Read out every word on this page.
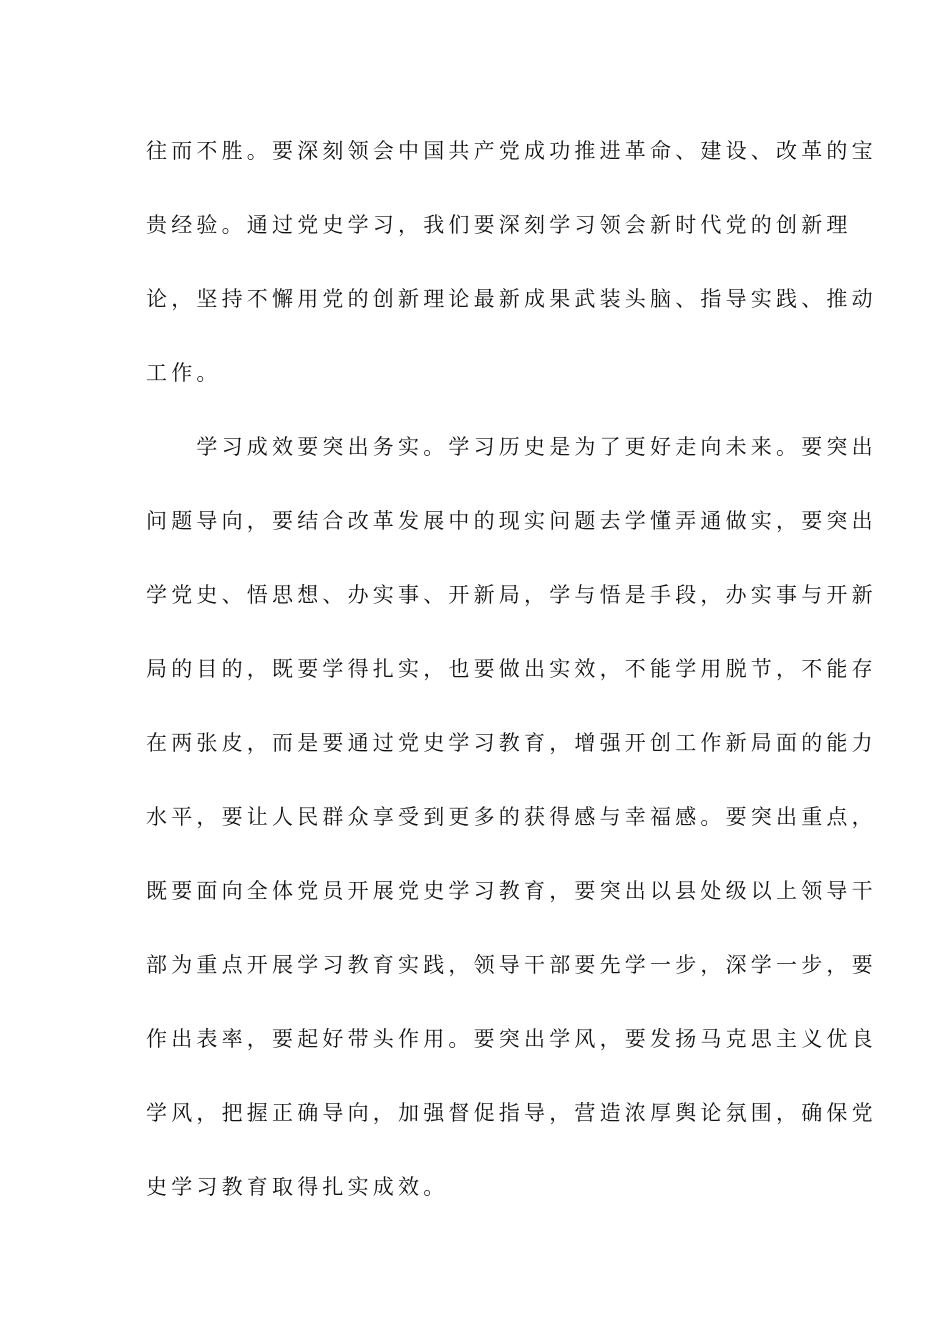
往而不胜。要深刻领会中国共产党成功推进革命、建设、改革的宝
贵经验。通过党史学习，我们要深刻学习领会新时代党的创新理
论，坚持不懈用党的创新理论最新成果武装头脑、指导实践、推动
工作。
　　学习成效要突出务实。学习历史是为了更好走向未来。要突出
问题导向，要结合改革发展中的现实问题去学懂弄通做实，要突出
学党史、悟思想、办实事、开新局，学与悟是手段，办实事与开新
局的目的，既要学得扎实，也要做出实效，不能学用脱节，不能存
在两张皮，而是要通过党史学习教育，增强开创工作新局面的能力
水平，要让人民群众享受到更多的获得感与幸福感。要突出重点，
既要面向全体党员开展党史学习教育，要突出以县处级以上领导干
部为重点开展学习教育实践，领导干部要先学一步，深学一步，要
作出表率，要起好带头作用。要突出学风，要发扬马克思主义优良
学风，把握正确导向，加强督促指导，营造浓厚舆论氛围，确保党
史学习教育取得扎实成效。
